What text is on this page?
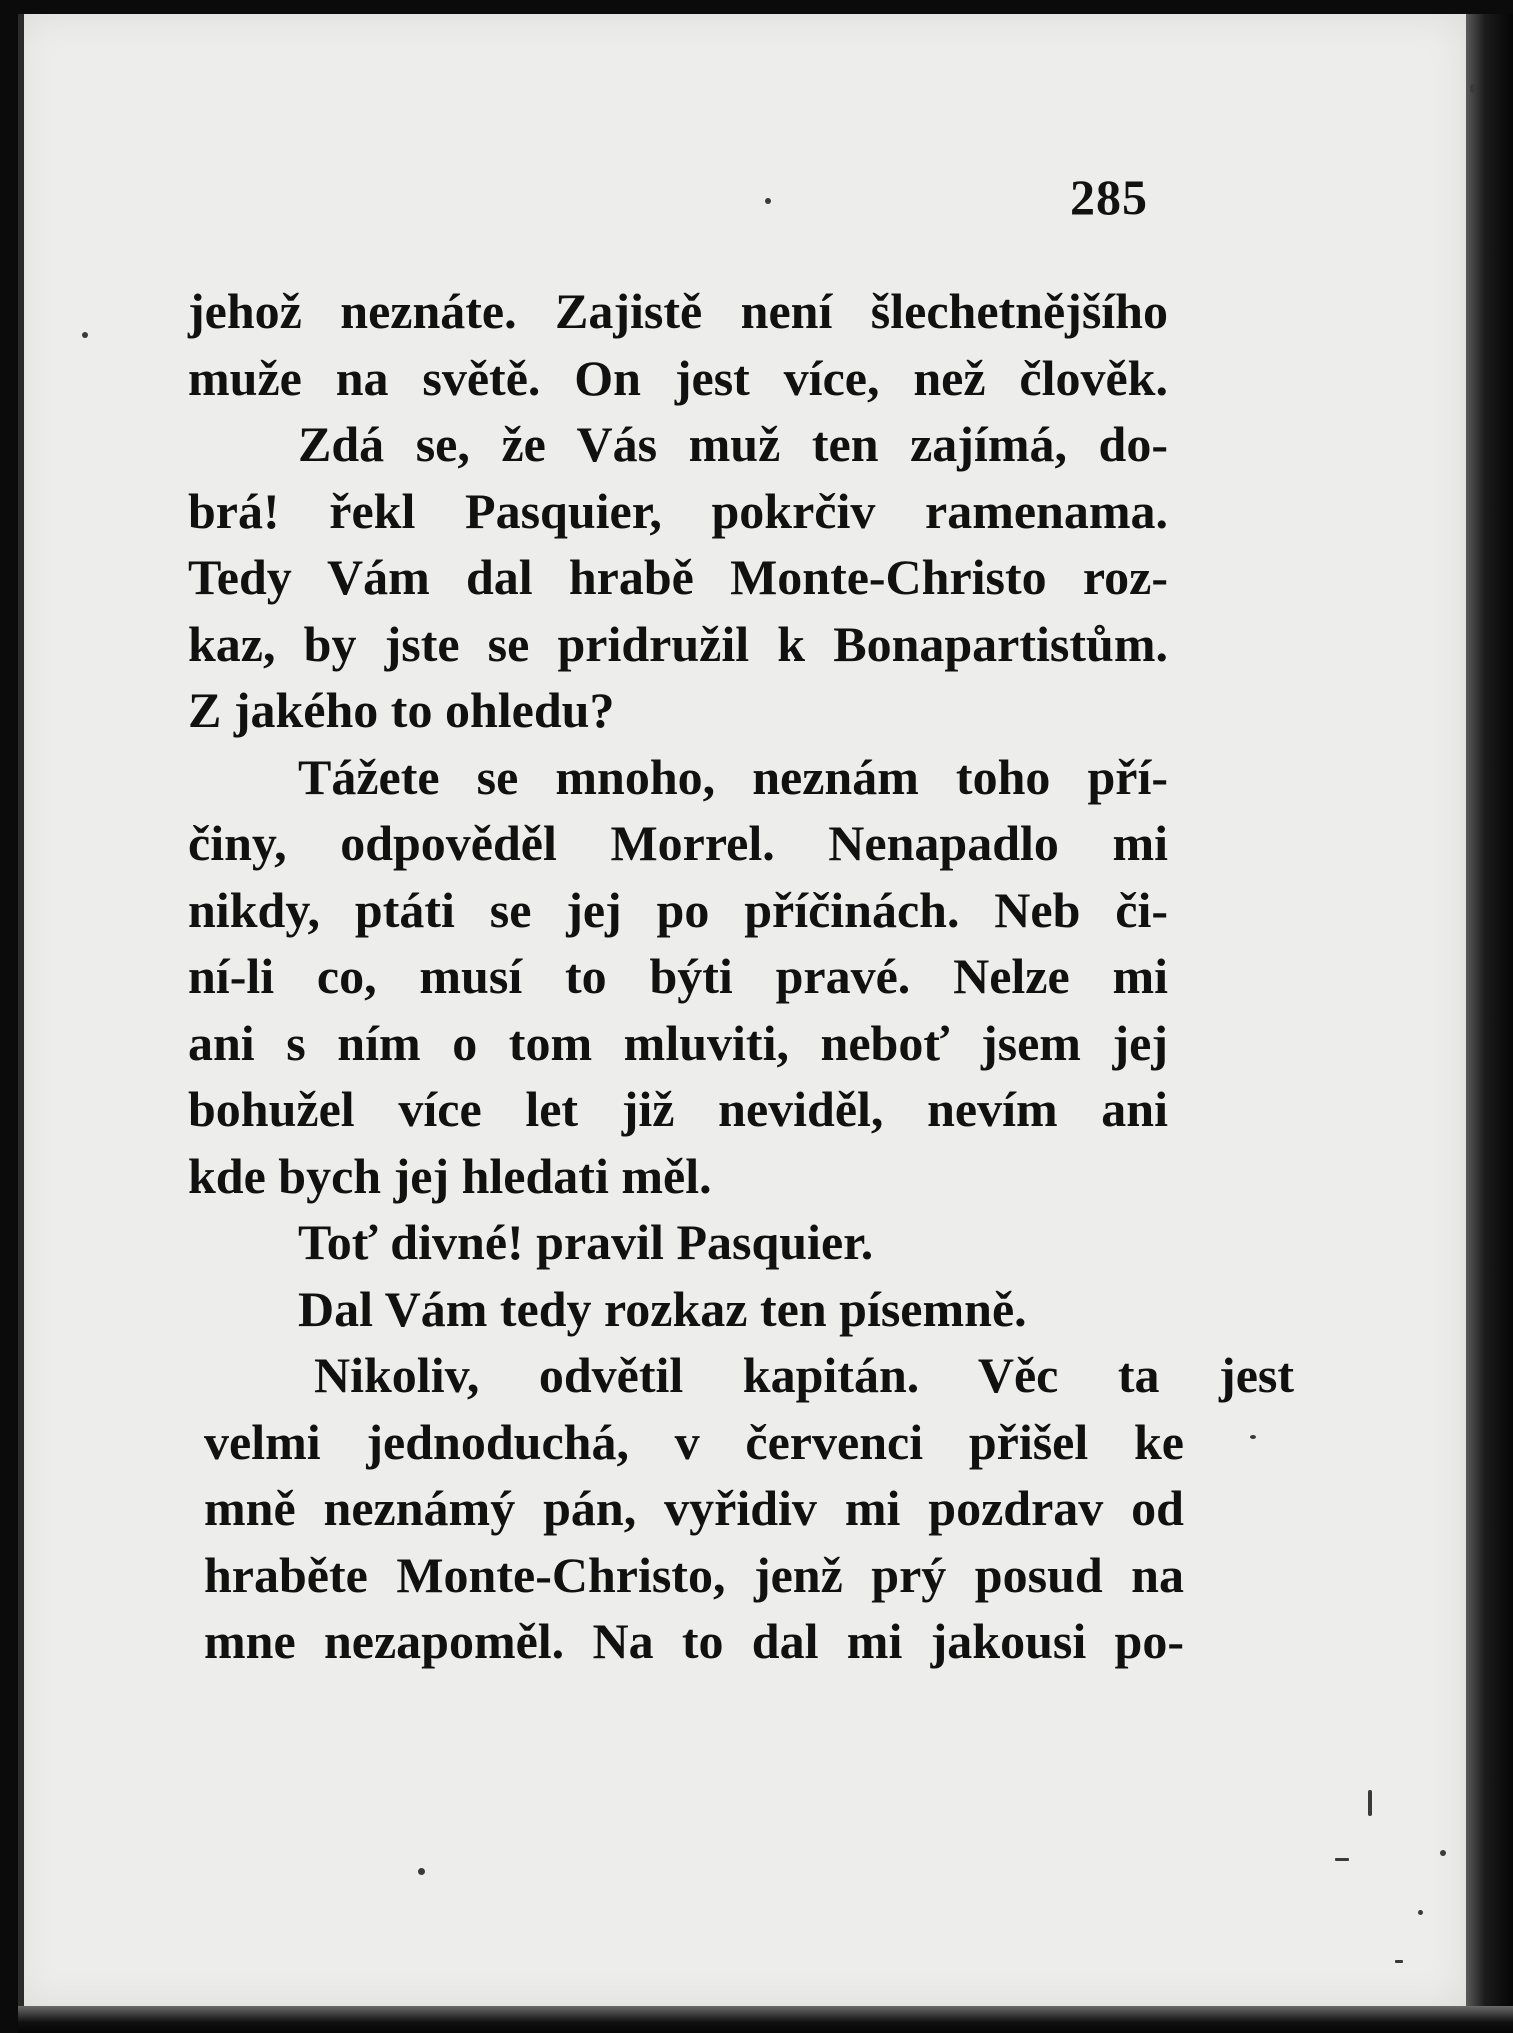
285
jehož neznáte. Zajistě není šlechetnějšího
muže na světě. On jest více, než člověk.
Zdá se, že Vás muž ten zajímá, do-
brá! řekl Pasquier, pokrčiv ramenama.
Tedy Vám dal hrabě Monte-Christo roz-
kaz, by jste se pridružil k Bonapartistům.
Z jakého to ohledu?
Tážete se mnoho, neznám toho pří-
činy, odpověděl Morrel. Nenapadlo mi
nikdy, ptáti se jej po příčinách. Neb či-
ní-li co, musí to býti pravé. Nelze mi
ani s ním o tom mluviti, neboť jsem jej
bohužel více let již neviděl, nevím ani
kde bych jej hledati měl.
Toť divné! pravil Pasquier.
Dal Vám tedy rozkaz ten písemně.
Nikoliv, odvětil kapitán. Věc ta jest
velmi jednoduchá, v červenci přišel ke
mně neznámý pán, vyřidiv mi pozdrav od
hraběte Monte-Christo, jenž prý posud na
mne nezapoměl. Na to dal mi jakousi po-
